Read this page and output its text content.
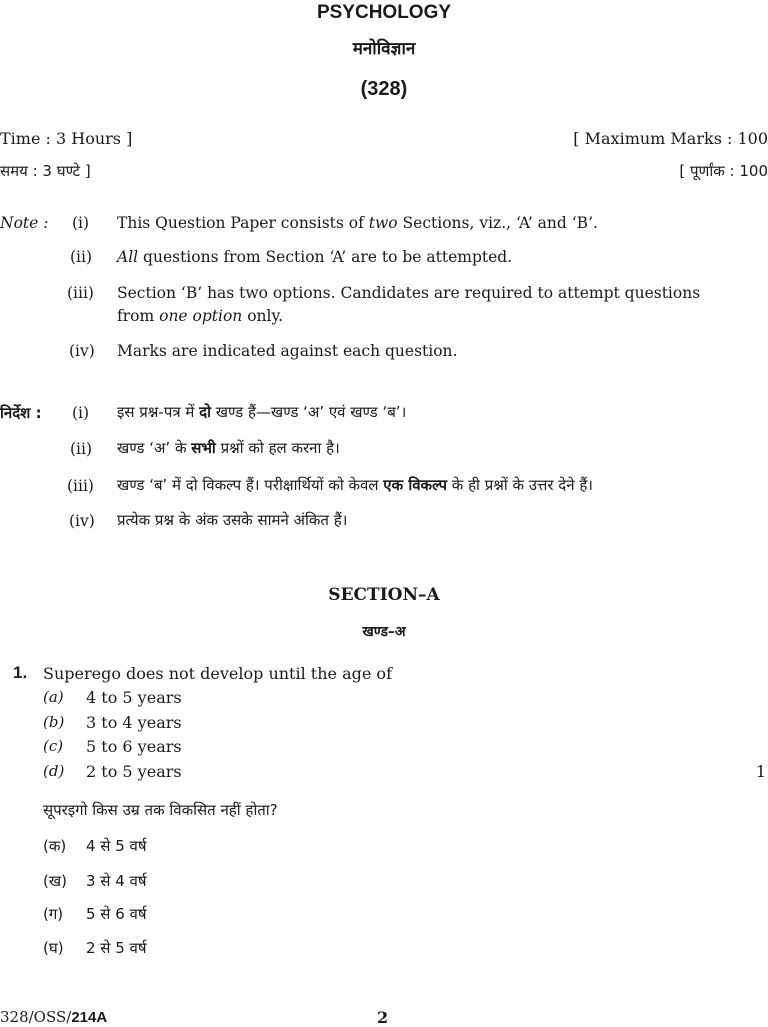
PSYCHOLOGY
मनोविज्ञान
(328)
Time : 3 Hours ]	[ Maximum Marks : 100
समय : 3 घण्टे ]	[ पूर्णांक : 100
Note : (i) This Question Paper consists of two Sections, viz., ‘A’ and ‘B’.
(ii) All questions from Section ‘A’ are to be attempted.
(iii) Section ‘B’ has two options. Candidates are required to attempt questions
from one option only.
(iv) Marks are indicated against each question.
निर्देश : (i) इस प्रश्न-पत्र में दो खण्ड हैं—खण्ड ‘अ’ एवं खण्ड ‘ब’।
(ii) खण्ड ‘अ’ के सभी प्रश्नों को हल करना है।
(iii) खण्ड ‘ब’ में दो विकल्प हैं। परीक्षार्थियों को केवल एक विकल्प के ही प्रश्नों के उत्तर देने हैं।
(iv) प्रत्येक प्रश्न के अंक उसके सामने अंकित हैं।
SECTION–A
खण्ड–अ
1. Superego does not develop until the age of
(a) 4 to 5 years
(b) 3 to 4 years
(c) 5 to 6 years
(d) 2 to 5 years	1
सूपरइगो किस उम्र तक विकसित नहीं होता?
(क) 4 से 5 वर्ष
(ख) 3 से 4 वर्ष
(ग) 5 से 6 वर्ष
(घ) 2 से 5 वर्ष
328/OSS/214A	2
